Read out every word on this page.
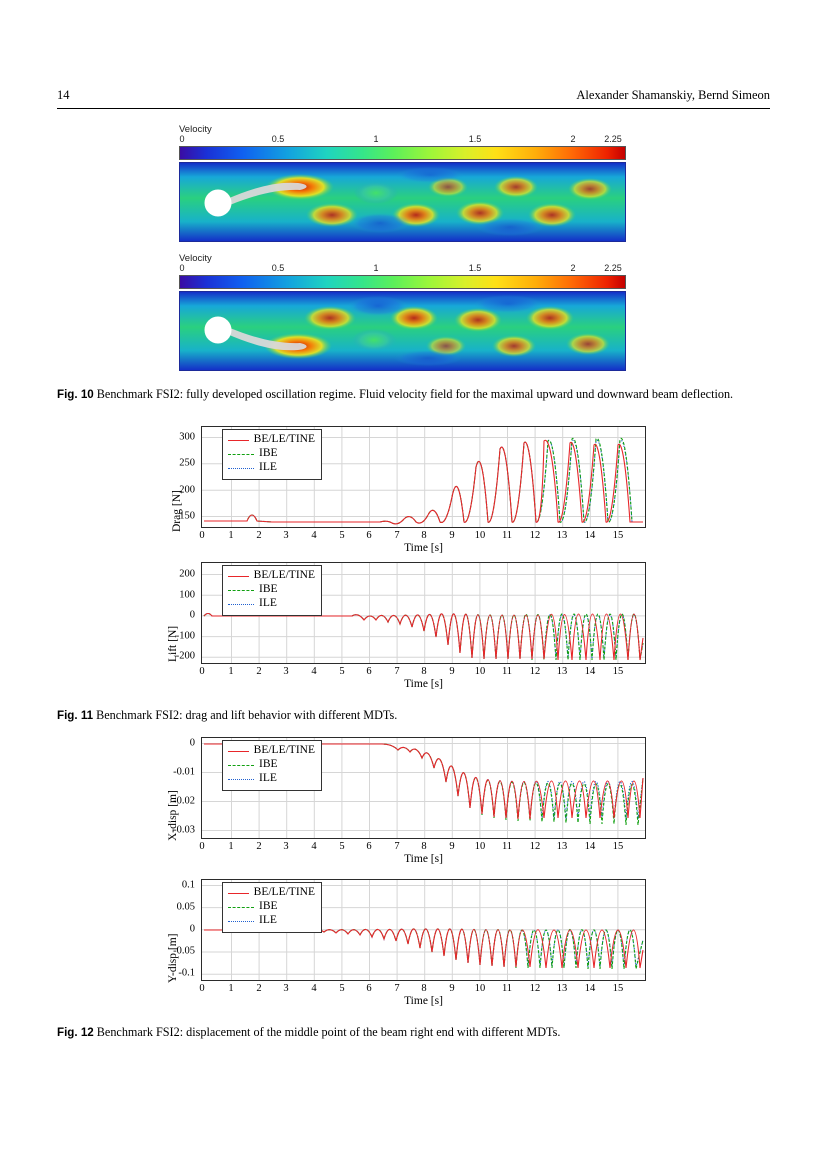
14	Alexander Shamanskiy, Bernd Simeon
Velocity
0	0.5	1	1.5	2	2.25
Velocity
0	0.5	1	1.5	2	2.25
Fig. 10 Benchmark FSI2: fully developed oscillation regime. Fluid velocity field for the maximal upward und downward beam deflection.
Drag [N]
BE/LE/TINE
IBE
ILE
300
250
200
150
0 1 2 3 4 5 6 7 8 9 10 11 12 13 14 15
Time [s]
Lift [N]
BE/LE/TINE
IBE
ILE
200
100
0
-100
-200
0 1 2 3 4 5 6 7 8 9 10 11 12 13 14 15
Time [s]
Fig. 11 Benchmark FSI2: drag and lift behavior with different MDTs.
X-disp [m]
BE/LE/TINE
IBE
ILE
0
-0.01
-0.02
-0.03
0 1 2 3 4 5 6 7 8 9 10 11 12 13 14 15
Time [s]
Y-disp [m]
BE/LE/TINE
IBE
ILE
0.1
0.05
0
-0.05
-0.1
0 1 2 3 4 5 6 7 8 9 10 11 12 13 14 15
Time [s]
Fig. 12 Benchmark FSI2: displacement of the middle point of the beam right end with different MDTs.
